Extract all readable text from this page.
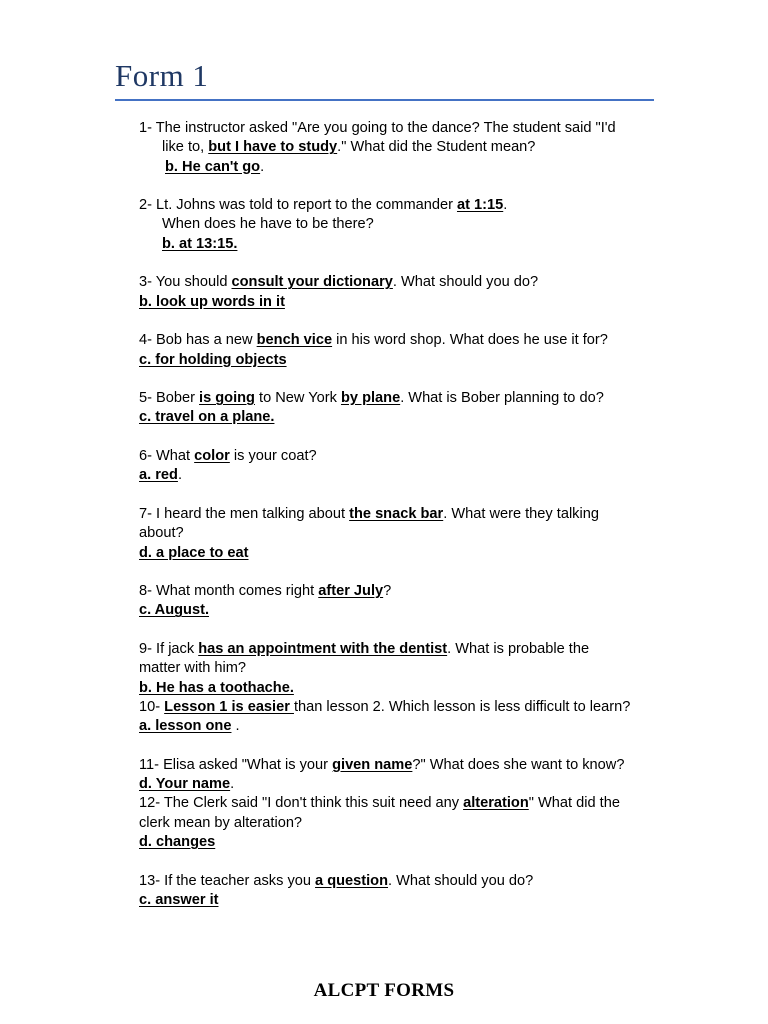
Form 1
1- The instructor asked "Are you going to the dance? The student said "I'd
like to, but I have to study." What did the Student mean?
b. He can't go.
2- Lt. Johns was told to report to the commander at 1:15.
When does he have to be there?
b. at 13:15.
3- You should consult your dictionary. What should you do?
b. look up words in it
4- Bob has a new bench vice in his word shop. What does he use it for?
c. for holding objects
5- Bober is going to New York by plane. What is Bober planning to do?
c. travel on a plane.
6- What color is your coat?
a. red.
7- I heard the men talking about the snack bar. What were they talking
about?
d. a place to eat
8- What month comes right after July?
c. August.
9- If jack has an appointment with the dentist. What is probable the
matter with him?
b. He has a toothache.
10- Lesson 1 is easier than lesson 2. Which lesson is less difficult to learn?
a. lesson one .
11- Elisa asked "What is your given name?" What does she want to know?
d. Your name.
12- The Clerk said "I don't think this suit need any alteration" What did the
clerk mean by alteration?
d. changes
13- If the teacher asks you a question. What should you do?
c. answer it
ALCPT FORMS
